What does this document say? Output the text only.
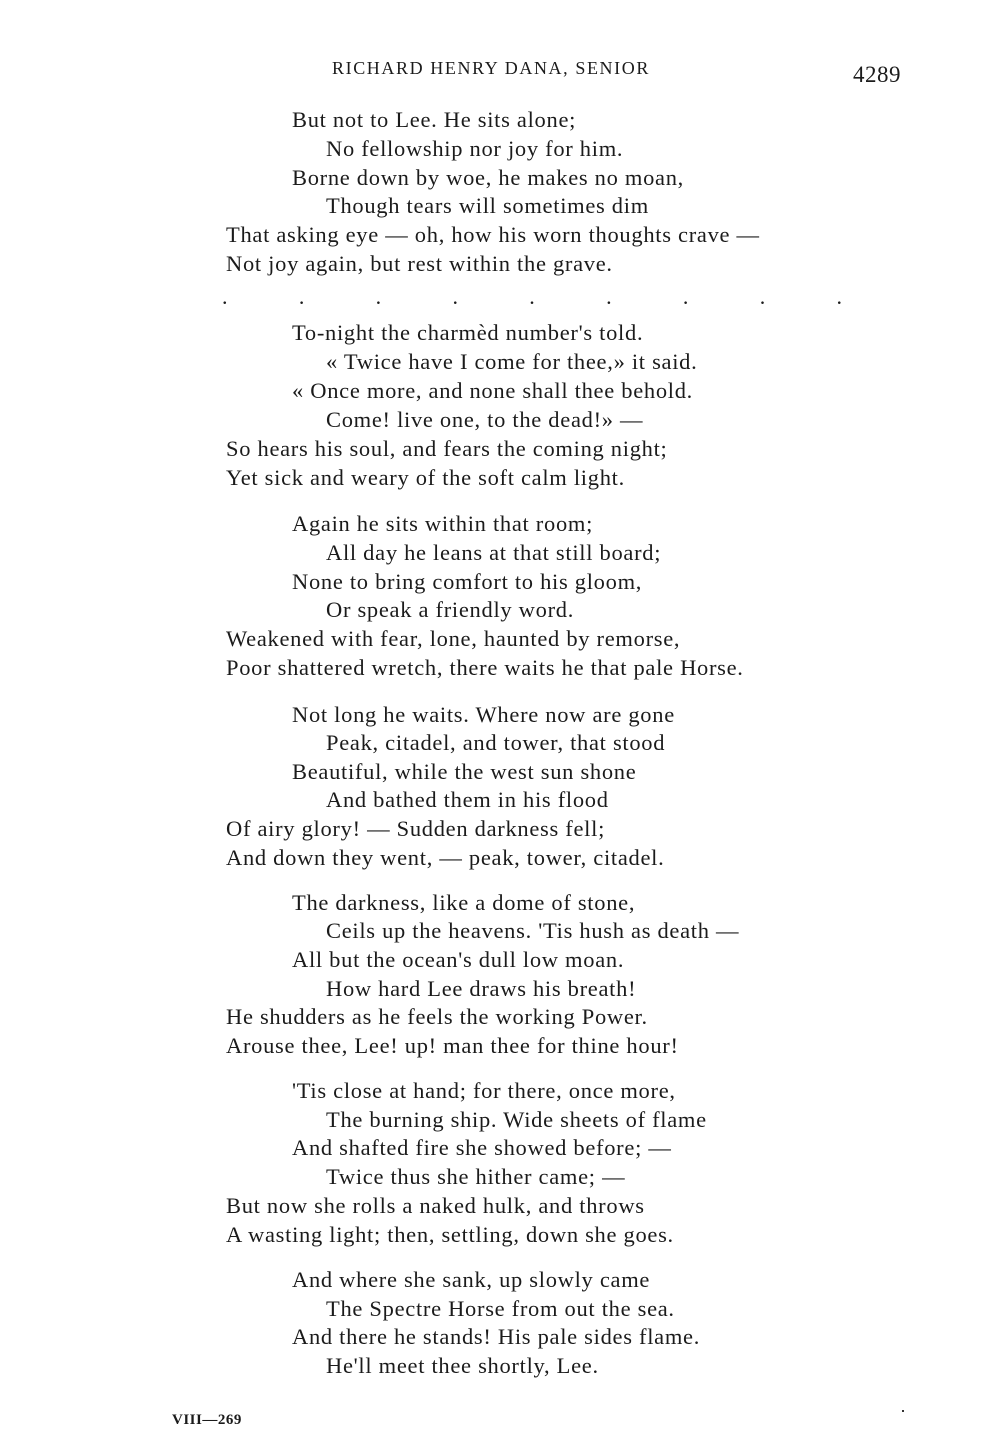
RICHARD HENRY DANA, SENIOR	4289
But not to Lee. He sits alone;
No fellowship nor joy for him.
Borne down by woe, he makes no moan,
Though tears will sometimes dim
That asking eye — oh, how his worn thoughts crave —
Not joy again, but rest within the grave.
.	.	.	.	.	.	.	.	.
To-night the charmèd number's told.
« Twice have I come for thee,» it said.
« Once more, and none shall thee behold.
Come! live one, to the dead!» —
So hears his soul, and fears the coming night;
Yet sick and weary of the soft calm light.
Again he sits within that room;
All day he leans at that still board;
None to bring comfort to his gloom,
Or speak a friendly word.
Weakened with fear, lone, haunted by remorse,
Poor shattered wretch, there waits he that pale Horse.
Not long he waits. Where now are gone
Peak, citadel, and tower, that stood
Beautiful, while the west sun shone
And bathed them in his flood
Of airy glory! — Sudden darkness fell;
And down they went, — peak, tower, citadel.
The darkness, like a dome of stone,
Ceils up the heavens. 'Tis hush as death —
All but the ocean's dull low moan.
How hard Lee draws his breath!
He shudders as he feels the working Power.
Arouse thee, Lee! up! man thee for thine hour!
'Tis close at hand; for there, once more,
The burning ship. Wide sheets of flame
And shafted fire she showed before; —
Twice thus she hither came; —
But now she rolls a naked hulk, and throws
A wasting light; then, settling, down she goes.
And where she sank, up slowly came
The Spectre Horse from out the sea.
And there he stands! His pale sides flame.
He'll meet thee shortly, Lee.
VIII—269
